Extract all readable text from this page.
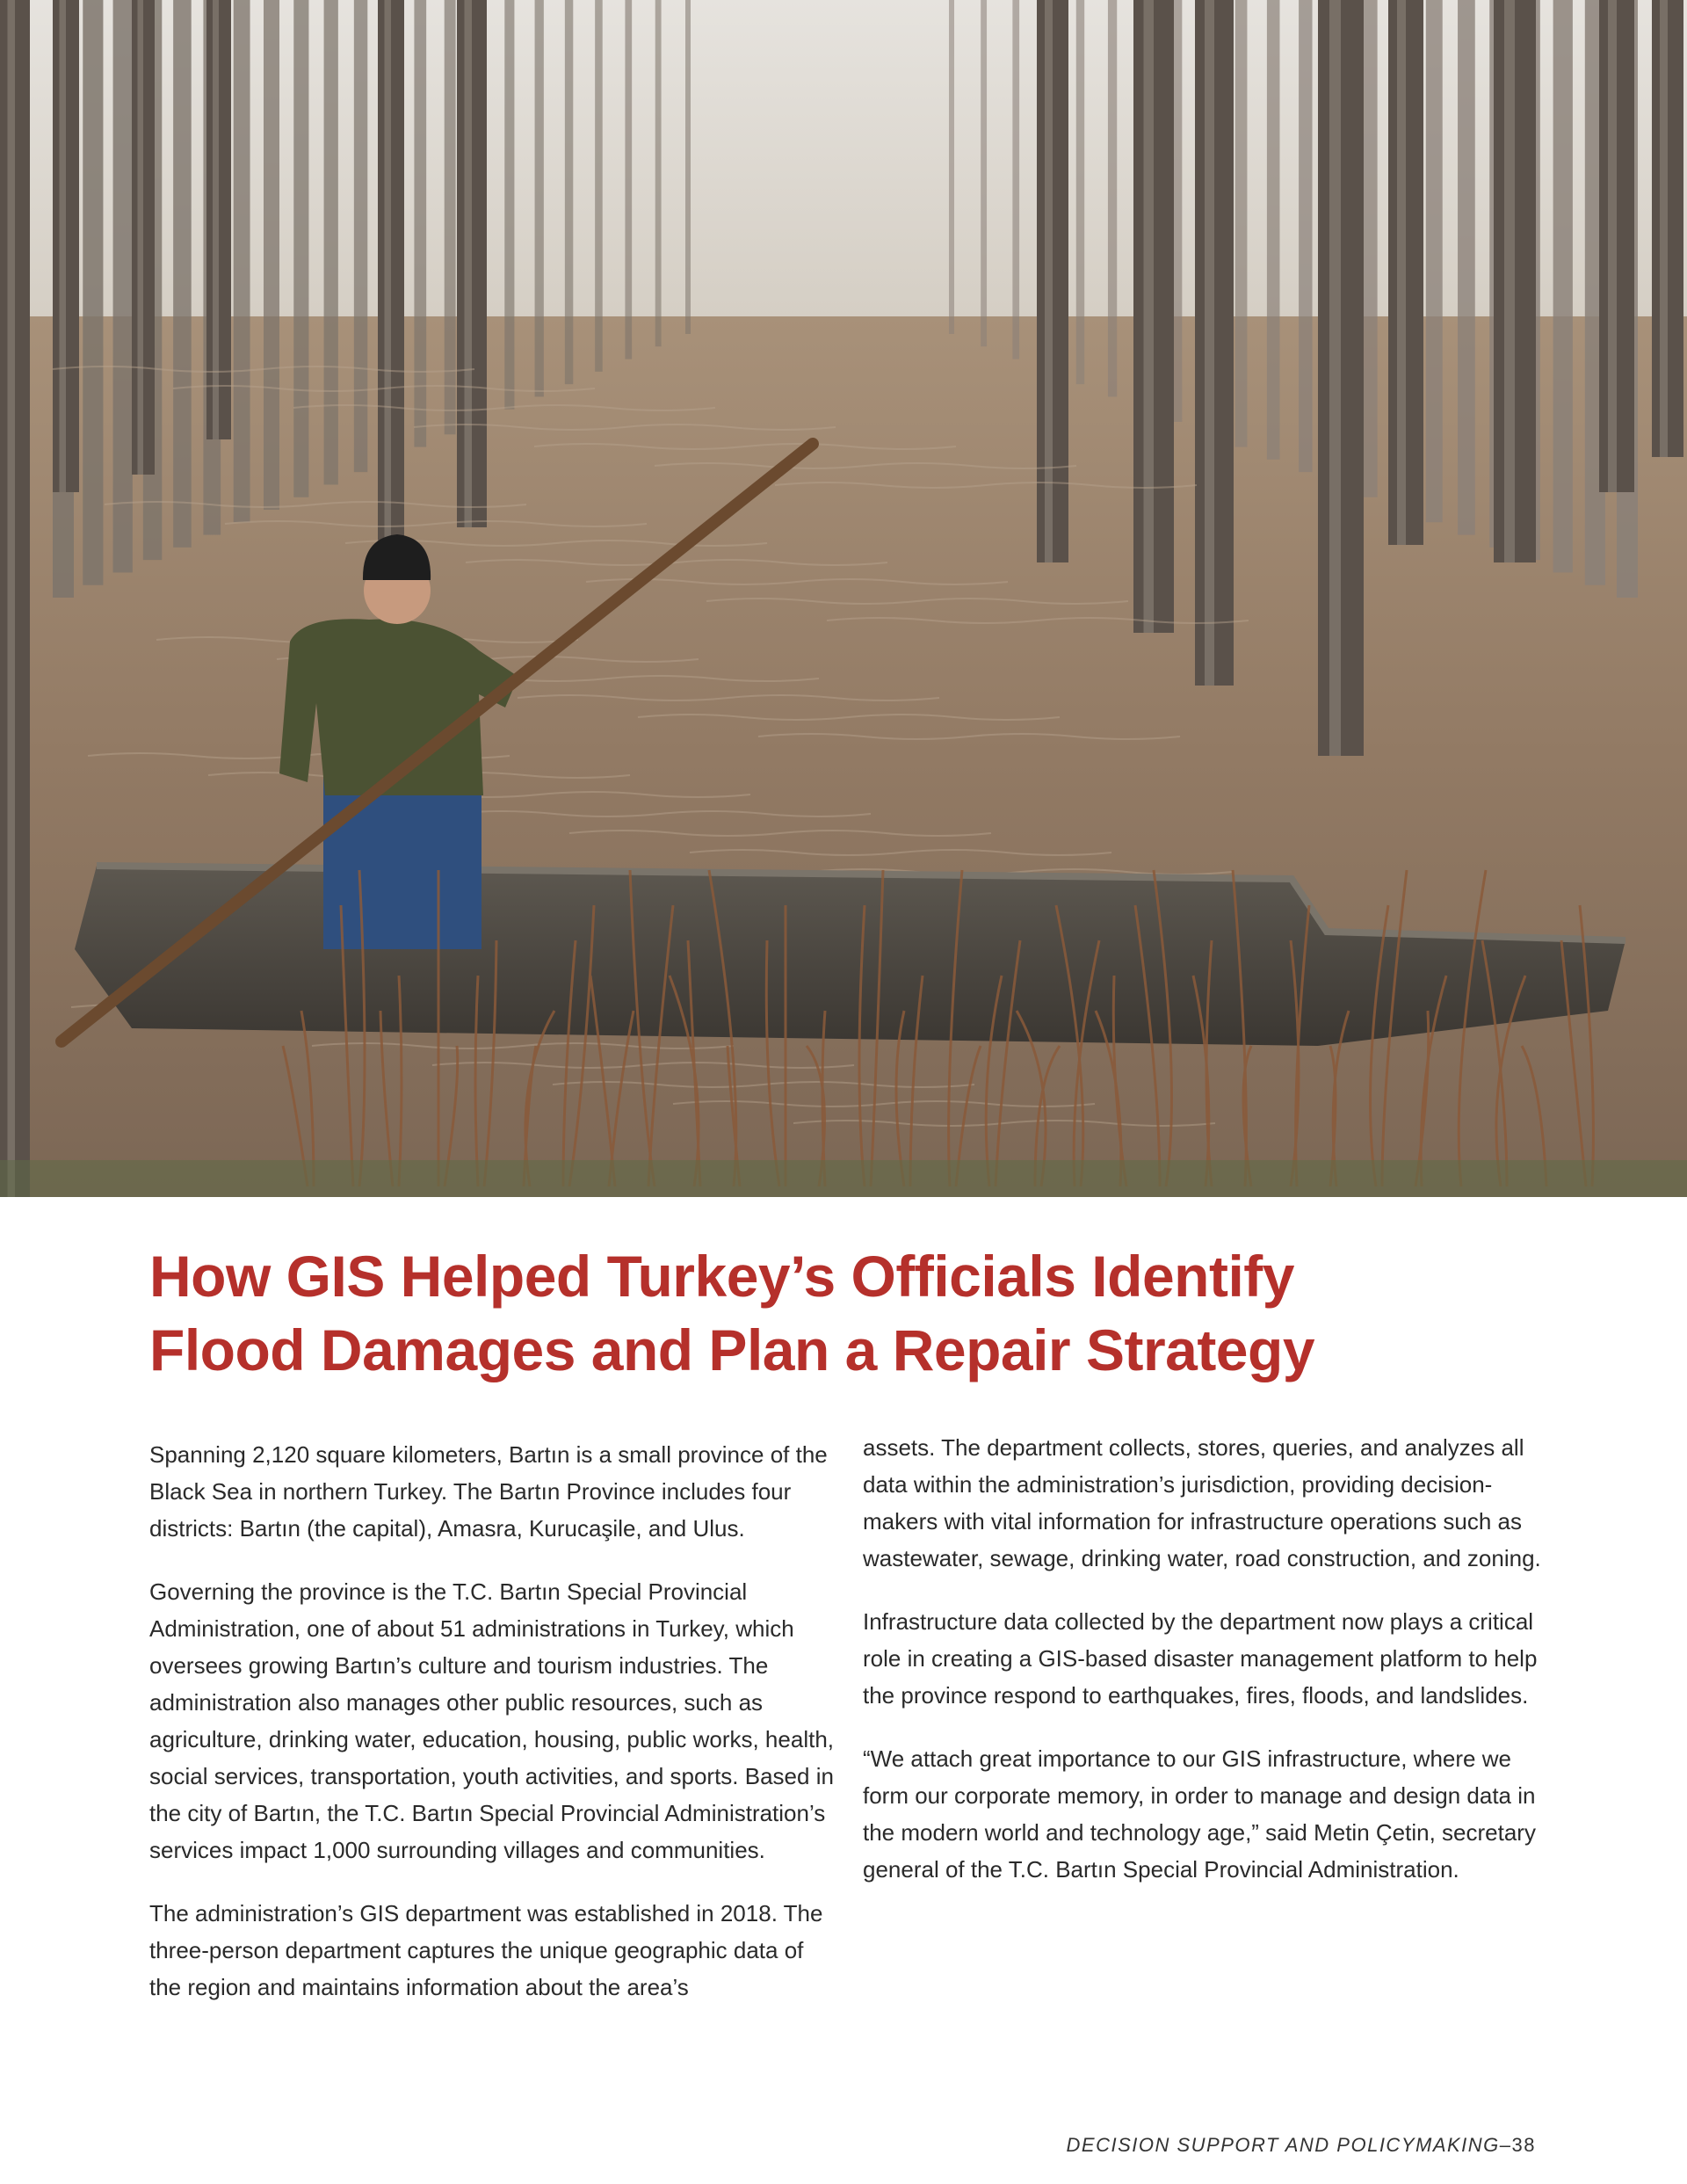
How GIS Helped Turkey’s Officials Identify
Flood Damages and Plan a Repair Strategy

Spanning 2,120 square kilometers, Bartın is a small province of the Black Sea in northern Turkey. The Bartın Province includes four districts: Bartın (the capital), Amasra, Kurucaşile, and Ulus.

Governing the province is the T.C. Bartın Special Provincial Administration, one of about 51 administrations in Turkey, which oversees growing Bartın’s culture and tourism industries. The administration also manages other public resources, such as agriculture, drinking water, education, housing, public works, health, social services, transportation, youth activities, and sports. Based in the city of Bartın, the T.C. Bartın Special Provincial Administration’s services impact 1,000 surrounding villages and communities.

The administration’s GIS department was established in 2018. The three-person department captures the unique geographic data of the region and maintains information about the area’s

assets. The department collects, stores, queries, and analyzes all data within the administration’s jurisdiction, providing decision-makers with vital information for infrastructure operations such as wastewater, sewage, drinking water, road construction, and zoning.

Infrastructure data collected by the department now plays a critical role in creating a GIS-based disaster management platform to help the province respond to earthquakes, fires, floods, and landslides.

“We attach great importance to our GIS infrastructure, where we form our corporate memory, in order to manage and design data in the modern world and technology age,” said Metin Çetin, secretary general of the T.C. Bartın Special Provincial Administration.

DECISION SUPPORT AND POLICYMAKING–38
